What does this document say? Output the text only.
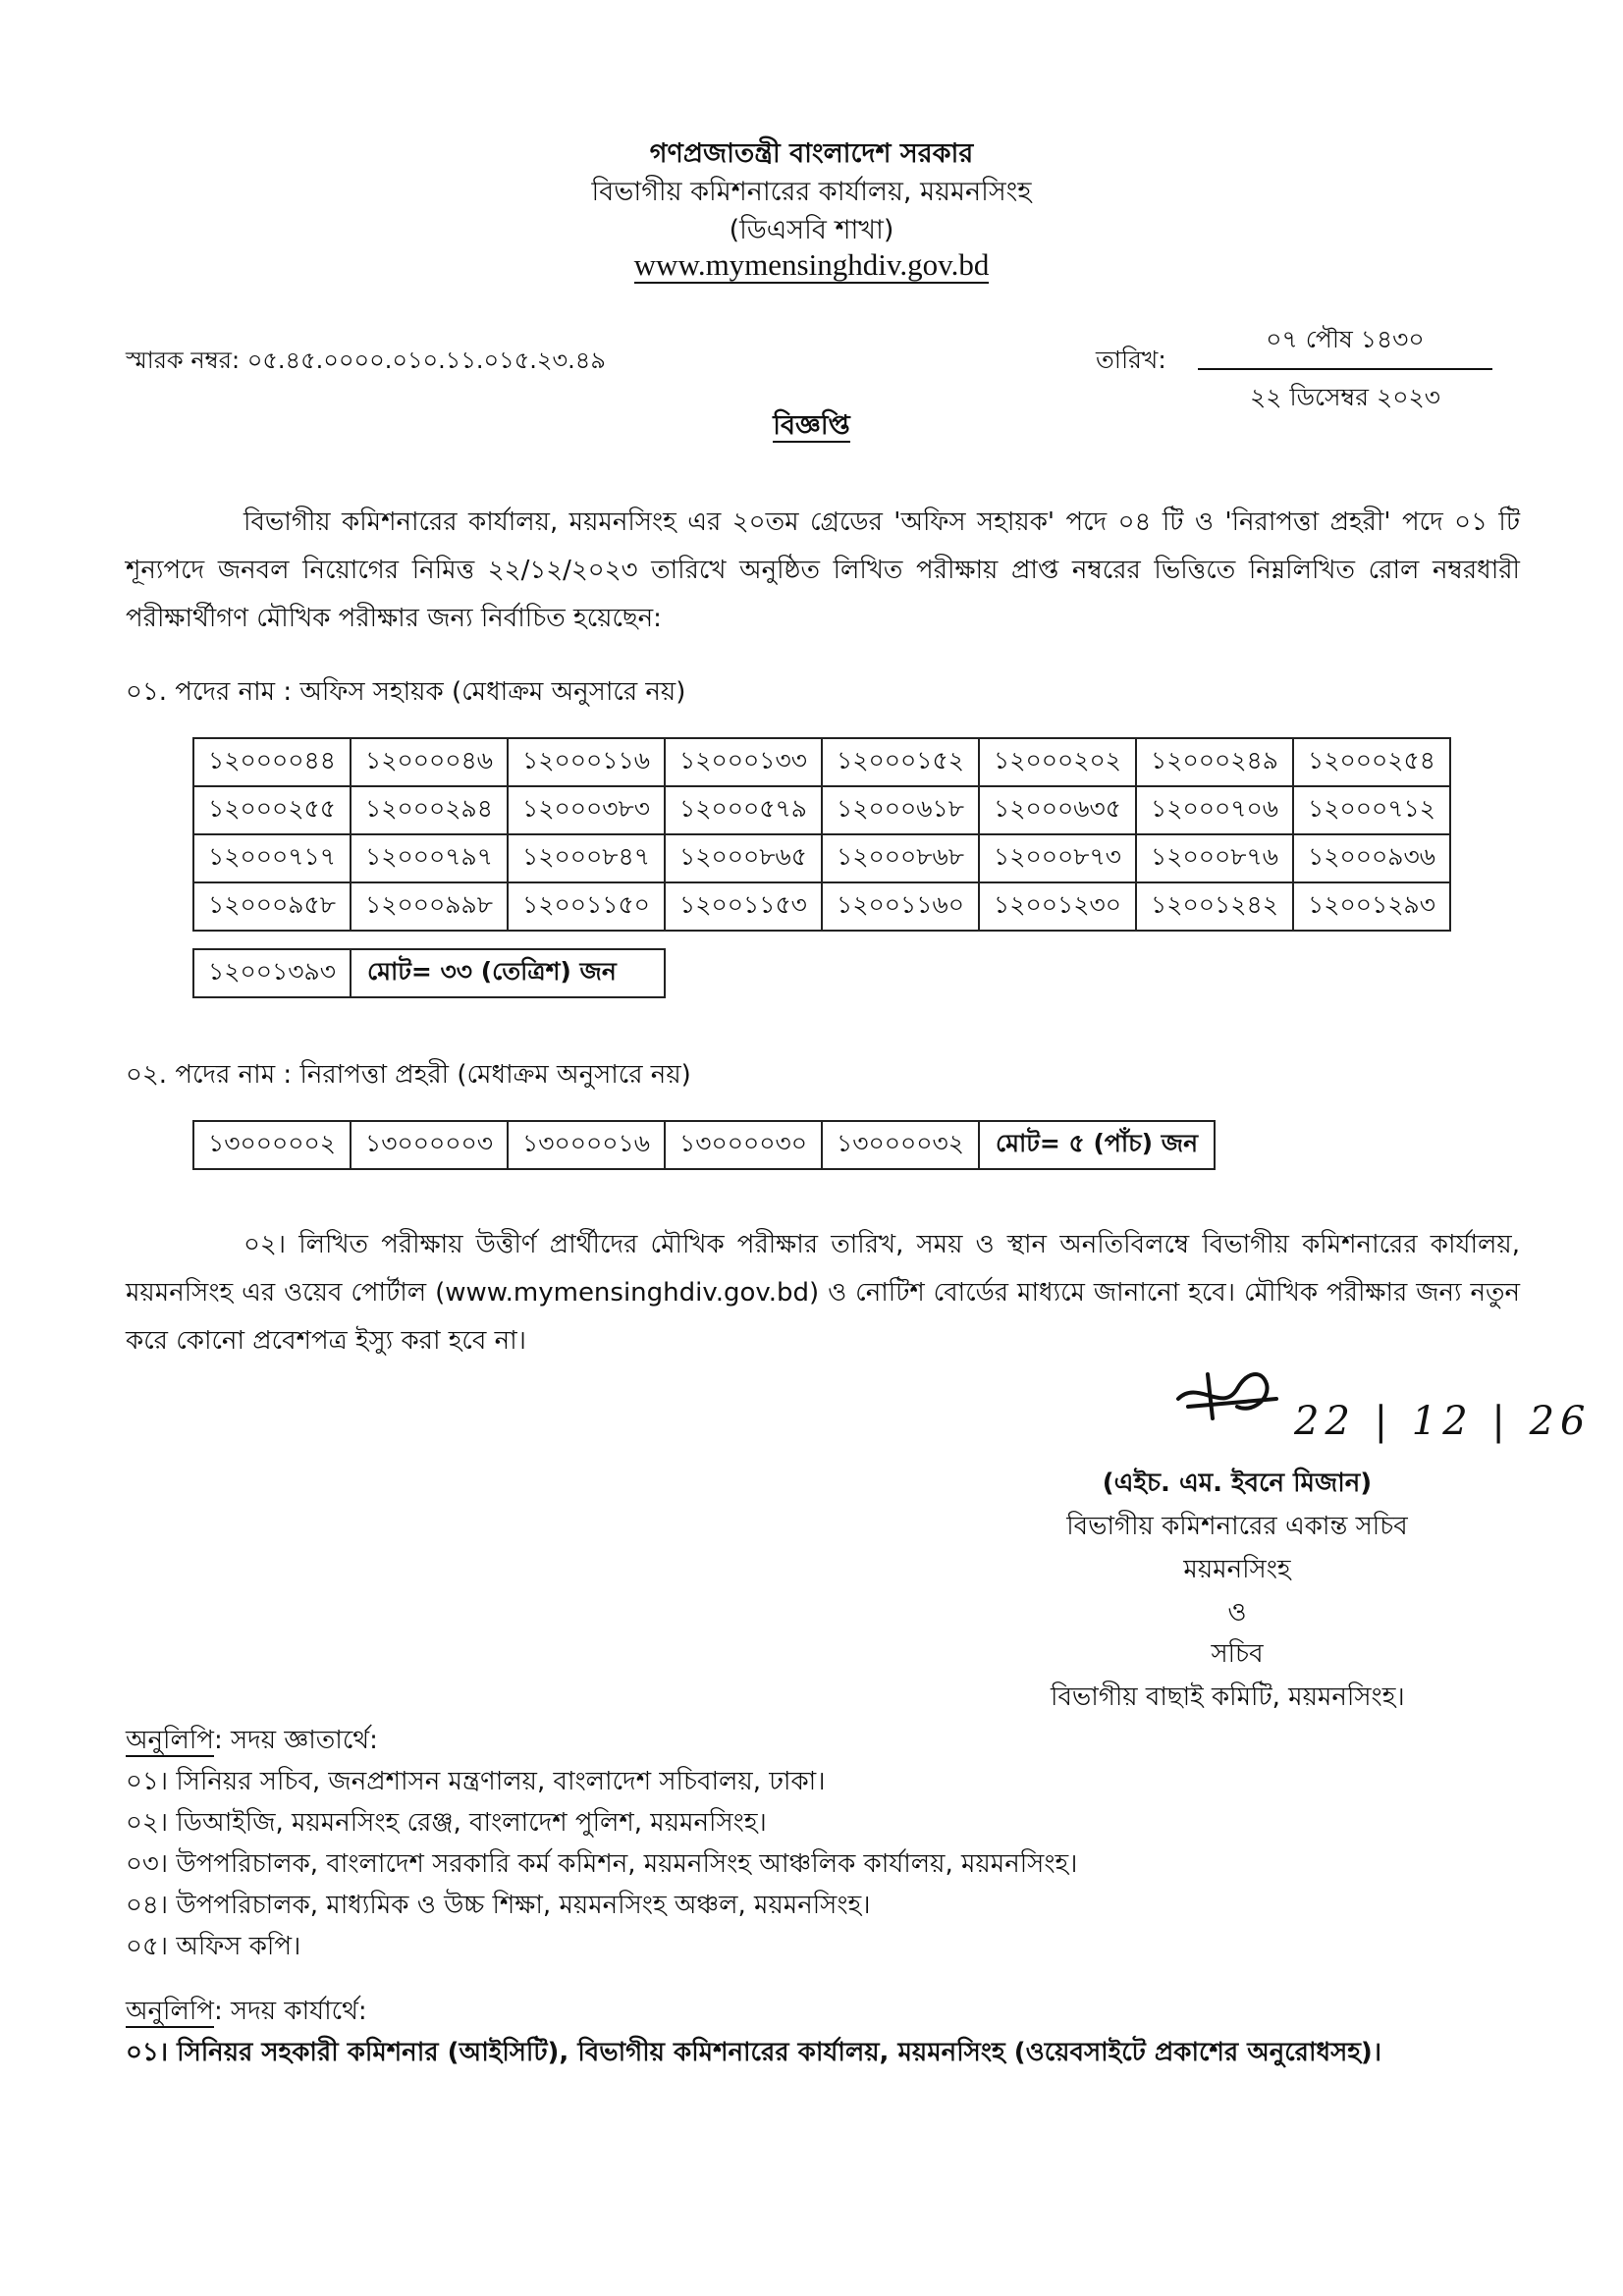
গণপ্রজাতন্ত্রী বাংলাদেশ সরকার
বিভাগীয় কমিশনারের কার্যালয়, ময়মনসিংহ
(ডিএসবি শাখা)
www.mymensinghdiv.gov.bd
স্মারক নম্বর: ০৫.৪৫.০০০০.০১০.১১.০১৫.২৩.৪৯	তারিখ:
০৭ পৌষ ১৪৩০
২২ ডিসেম্বর ২০২৩
বিজ্ঞপ্তি
বিভাগীয় কমিশনারের কার্যালয়, ময়মনসিংহ এর ২০তম গ্রেডের 'অফিস সহায়ক' পদে ০৪ টি ও 'নিরাপত্তা প্রহরী' পদে ০১ টি শূন্যপদে জনবল নিয়োগের নিমিত্ত ২২/১২/২০২৩ তারিখে অনুষ্ঠিত লিখিত পরীক্ষায় প্রাপ্ত নম্বরের ভিত্তিতে নিম্নলিখিত রোল নম্বরধারী পরীক্ষার্থীগণ মৌখিক পরীক্ষার জন্য নির্বাচিত হয়েছেন:
০১. পদের নাম : অফিস সহায়ক (মেধাক্রম অনুসারে নয়)
১২০০০০৪৪	১২০০০০৪৬	১২০০০১১৬	১২০০০১৩৩	১২০০০১৫২	১২০০০২০২	১২০০০২৪৯	১২০০০২৫৪
১২০০০২৫৫	১২০০০২৯৪	১২০০০৩৮৩	১২০০০৫৭৯	১২০০০৬১৮	১২০০০৬৩৫	১২০০০৭০৬	১২০০০৭১২
১২০০০৭১৭	১২০০০৭৯৭	১২০০০৮৪৭	১২০০০৮৬৫	১২০০০৮৬৮	১২০০০৮৭৩	১২০০০৮৭৬	১২০০০৯৩৬
১২০০০৯৫৮	১২০০০৯৯৮	১২০০১১৫০	১২০০১১৫৩	১২০০১১৬০	১২০০১২৩০	১২০০১২৪২	১২০০১২৯৩
১২০০১৩৯৩	মোট= ৩৩ (তেত্রিশ) জন
০২. পদের নাম : নিরাপত্তা প্রহরী (মেধাক্রম অনুসারে নয়)
১৩০০০০০২	১৩০০০০০৩	১৩০০০০১৬	১৩০০০০৩০	১৩০০০০৩২	মোট= ৫ (পাঁচ) জন
০২। লিখিত পরীক্ষায় উত্তীর্ণ প্রার্থীদের মৌখিক পরীক্ষার তারিখ, সময় ও স্থান অনতিবিলম্বে বিভাগীয় কমিশনারের কার্যালয়, ময়মনসিংহ এর ওয়েব পোর্টাল (www.mymensinghdiv.gov.bd) ও নোটিশ বোর্ডের মাধ্যমে জানানো হবে। মৌখিক পরীক্ষার জন্য নতুন করে কোনো প্রবেশপত্র ইস্যু করা হবে না।
22 | 12 | 26
(এইচ. এম. ইবনে মিজান)
বিভাগীয় কমিশনারের একান্ত সচিব
ময়মনসিংহ
ও
সচিব
বিভাগীয় বাছাই কমিটি, ময়মনসিংহ।
অনুলিপি: সদয় জ্ঞাতার্থে:
০১। সিনিয়র সচিব, জনপ্রশাসন মন্ত্রণালয়, বাংলাদেশ সচিবালয়, ঢাকা।
০২। ডিআইজি, ময়মনসিংহ রেঞ্জ, বাংলাদেশ পুলিশ, ময়মনসিংহ।
০৩। উপপরিচালক, বাংলাদেশ সরকারি কর্ম কমিশন, ময়মনসিংহ আঞ্চলিক কার্যালয়, ময়মনসিংহ।
০৪। উপপরিচালক, মাধ্যমিক ও উচ্চ শিক্ষা, ময়মনসিংহ অঞ্চল, ময়মনসিংহ।
০৫। অফিস কপি।
অনুলিপি: সদয় কার্যার্থে:
০১। সিনিয়র সহকারী কমিশনার (আইসিটি), বিভাগীয় কমিশনারের কার্যালয়, ময়মনসিংহ (ওয়েবসাইটে প্রকাশের অনুরোধসহ)।
